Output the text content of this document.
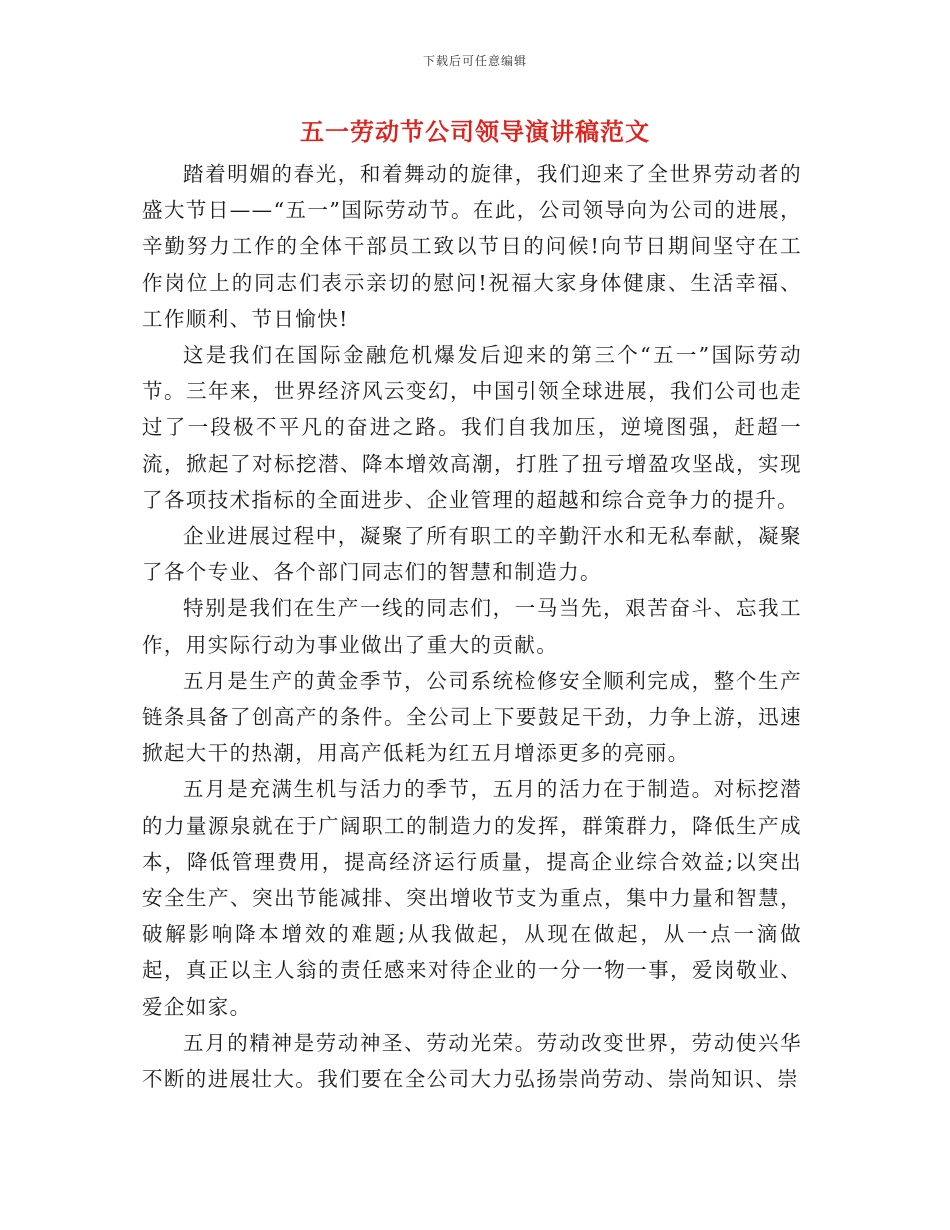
下载后可任意编辑
五一劳动节公司领导演讲稿范文

踏着明媚的春光，和着舞动的旋律，我们迎来了全世界劳动者的盛大节日——“五一”国际劳动节。在此，公司领导向为公司的进展，辛勤努力工作的全体干部员工致以节日的问候!向节日期间坚守在工作岗位上的同志们表示亲切的慰问!祝福大家身体健康、生活幸福、工作顺利、节日愉快!

这是我们在国际金融危机爆发后迎来的第三个“五一”国际劳动节。三年来，世界经济风云变幻，中国引领全球进展，我们公司也走过了一段极不平凡的奋进之路。我们自我加压，逆境图强，赶超一流，掀起了对标挖潜、降本增效高潮，打胜了扭亏增盈攻坚战，实现了各项技术指标的全面进步、企业管理的超越和综合竞争力的提升。

企业进展过程中，凝聚了所有职工的辛勤汗水和无私奉献，凝聚了各个专业、各个部门同志们的智慧和制造力。

特别是我们在生产一线的同志们，一马当先，艰苦奋斗、忘我工作，用实际行动为事业做出了重大的贡献。

五月是生产的黄金季节，公司系统检修安全顺利完成，整个生产链条具备了创高产的条件。全公司上下要鼓足干劲，力争上游，迅速掀起大干的热潮，用高产低耗为红五月增添更多的亮丽。

五月是充满生机与活力的季节，五月的活力在于制造。对标挖潜的力量源泉就在于广阔职工的制造力的发挥，群策群力，降低生产成本，降低管理费用，提高经济运行质量，提高企业综合效益;以突出安全生产、突出节能减排、突出增收节支为重点，集中力量和智慧，破解影响降本增效的难题;从我做起，从现在做起，从一点一滴做起，真正以主人翁的责任感来对待企业的一分一物一事，爱岗敬业、爱企如家。

五月的精神是劳动神圣、劳动光荣。劳动改变世界，劳动使兴华不断的进展壮大。我们要在全公司大力弘扬崇尚劳动、崇尚知识、崇
